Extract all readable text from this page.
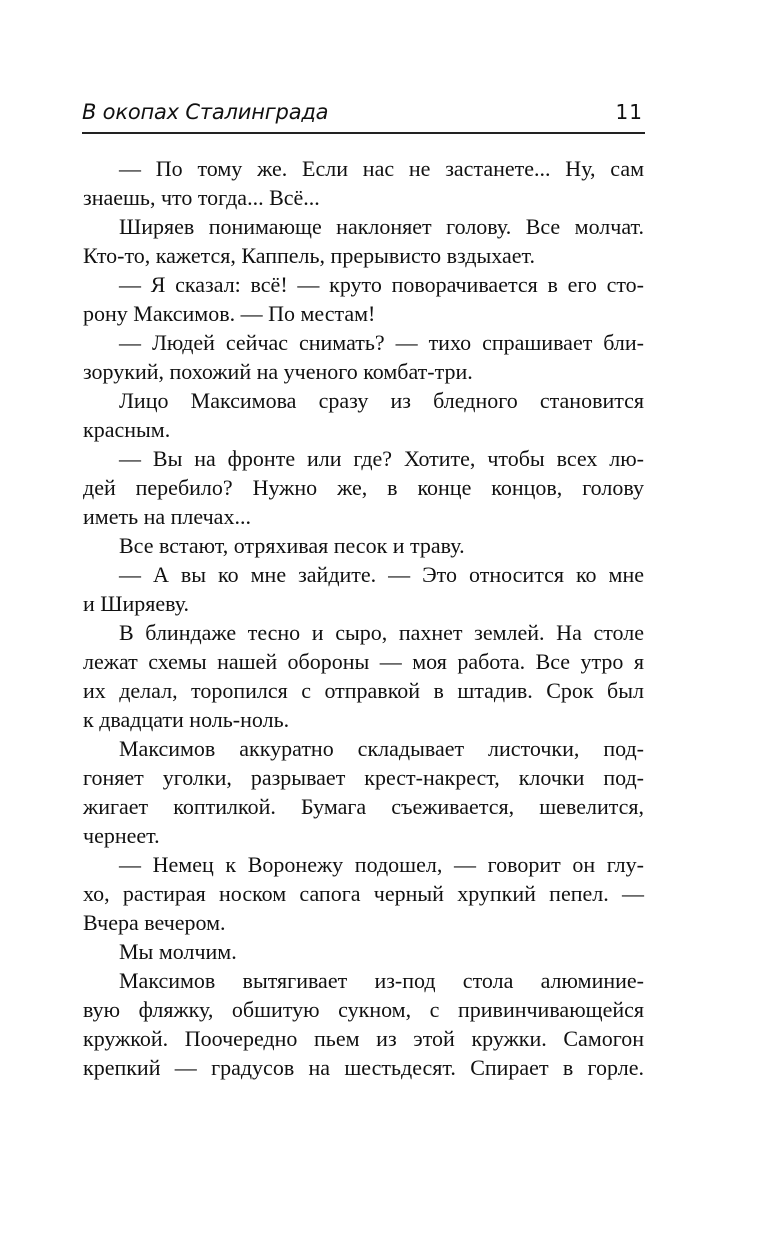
В окопах Сталинграда	11
— По тому же. Если нас не застанете... Ну, сам
знаешь, что тогда... Всё...
Ширяев понимающе наклоняет голову. Все молчат.
Кто-то, кажется, Каппель, прерывисто вздыхает.
— Я сказал: всё! — круто поворачивается в его сто-
рону Максимов. — По местам!
— Людей сейчас снимать? — тихо спрашивает бли-
зорукий, похожий на ученого комбат-три.
Лицо Максимова сразу из бледного становится
красным.
— Вы на фронте или где? Хотите, чтобы всех лю-
дей перебило? Нужно же, в конце концов, голову
иметь на плечах...
Все встают, отряхивая песок и траву.
— А вы ко мне зайдите. — Это относится ко мне
и Ширяеву.
В блиндаже тесно и сыро, пахнет землей. На столе
лежат схемы нашей обороны — моя работа. Все утро я
их делал, торопился с отправкой в штадив. Срок был
к двадцати ноль-ноль.
Максимов аккуратно складывает листочки, под-
гоняет уголки, разрывает крест-накрест, клочки под-
жигает коптилкой. Бумага съеживается, шевелится,
чернеет.
— Немец к Воронежу подошел, — говорит он глу-
хо, растирая носком сапога черный хрупкий пепел. —
Вчера вечером.
Мы молчим.
Максимов вытягивает из-под стола алюминие-
вую фляжку, обшитую сукном, с привинчивающейся
кружкой. Поочередно пьем из этой кружки. Самогон
крепкий — градусов на шестьдесят. Спирает в горле.
